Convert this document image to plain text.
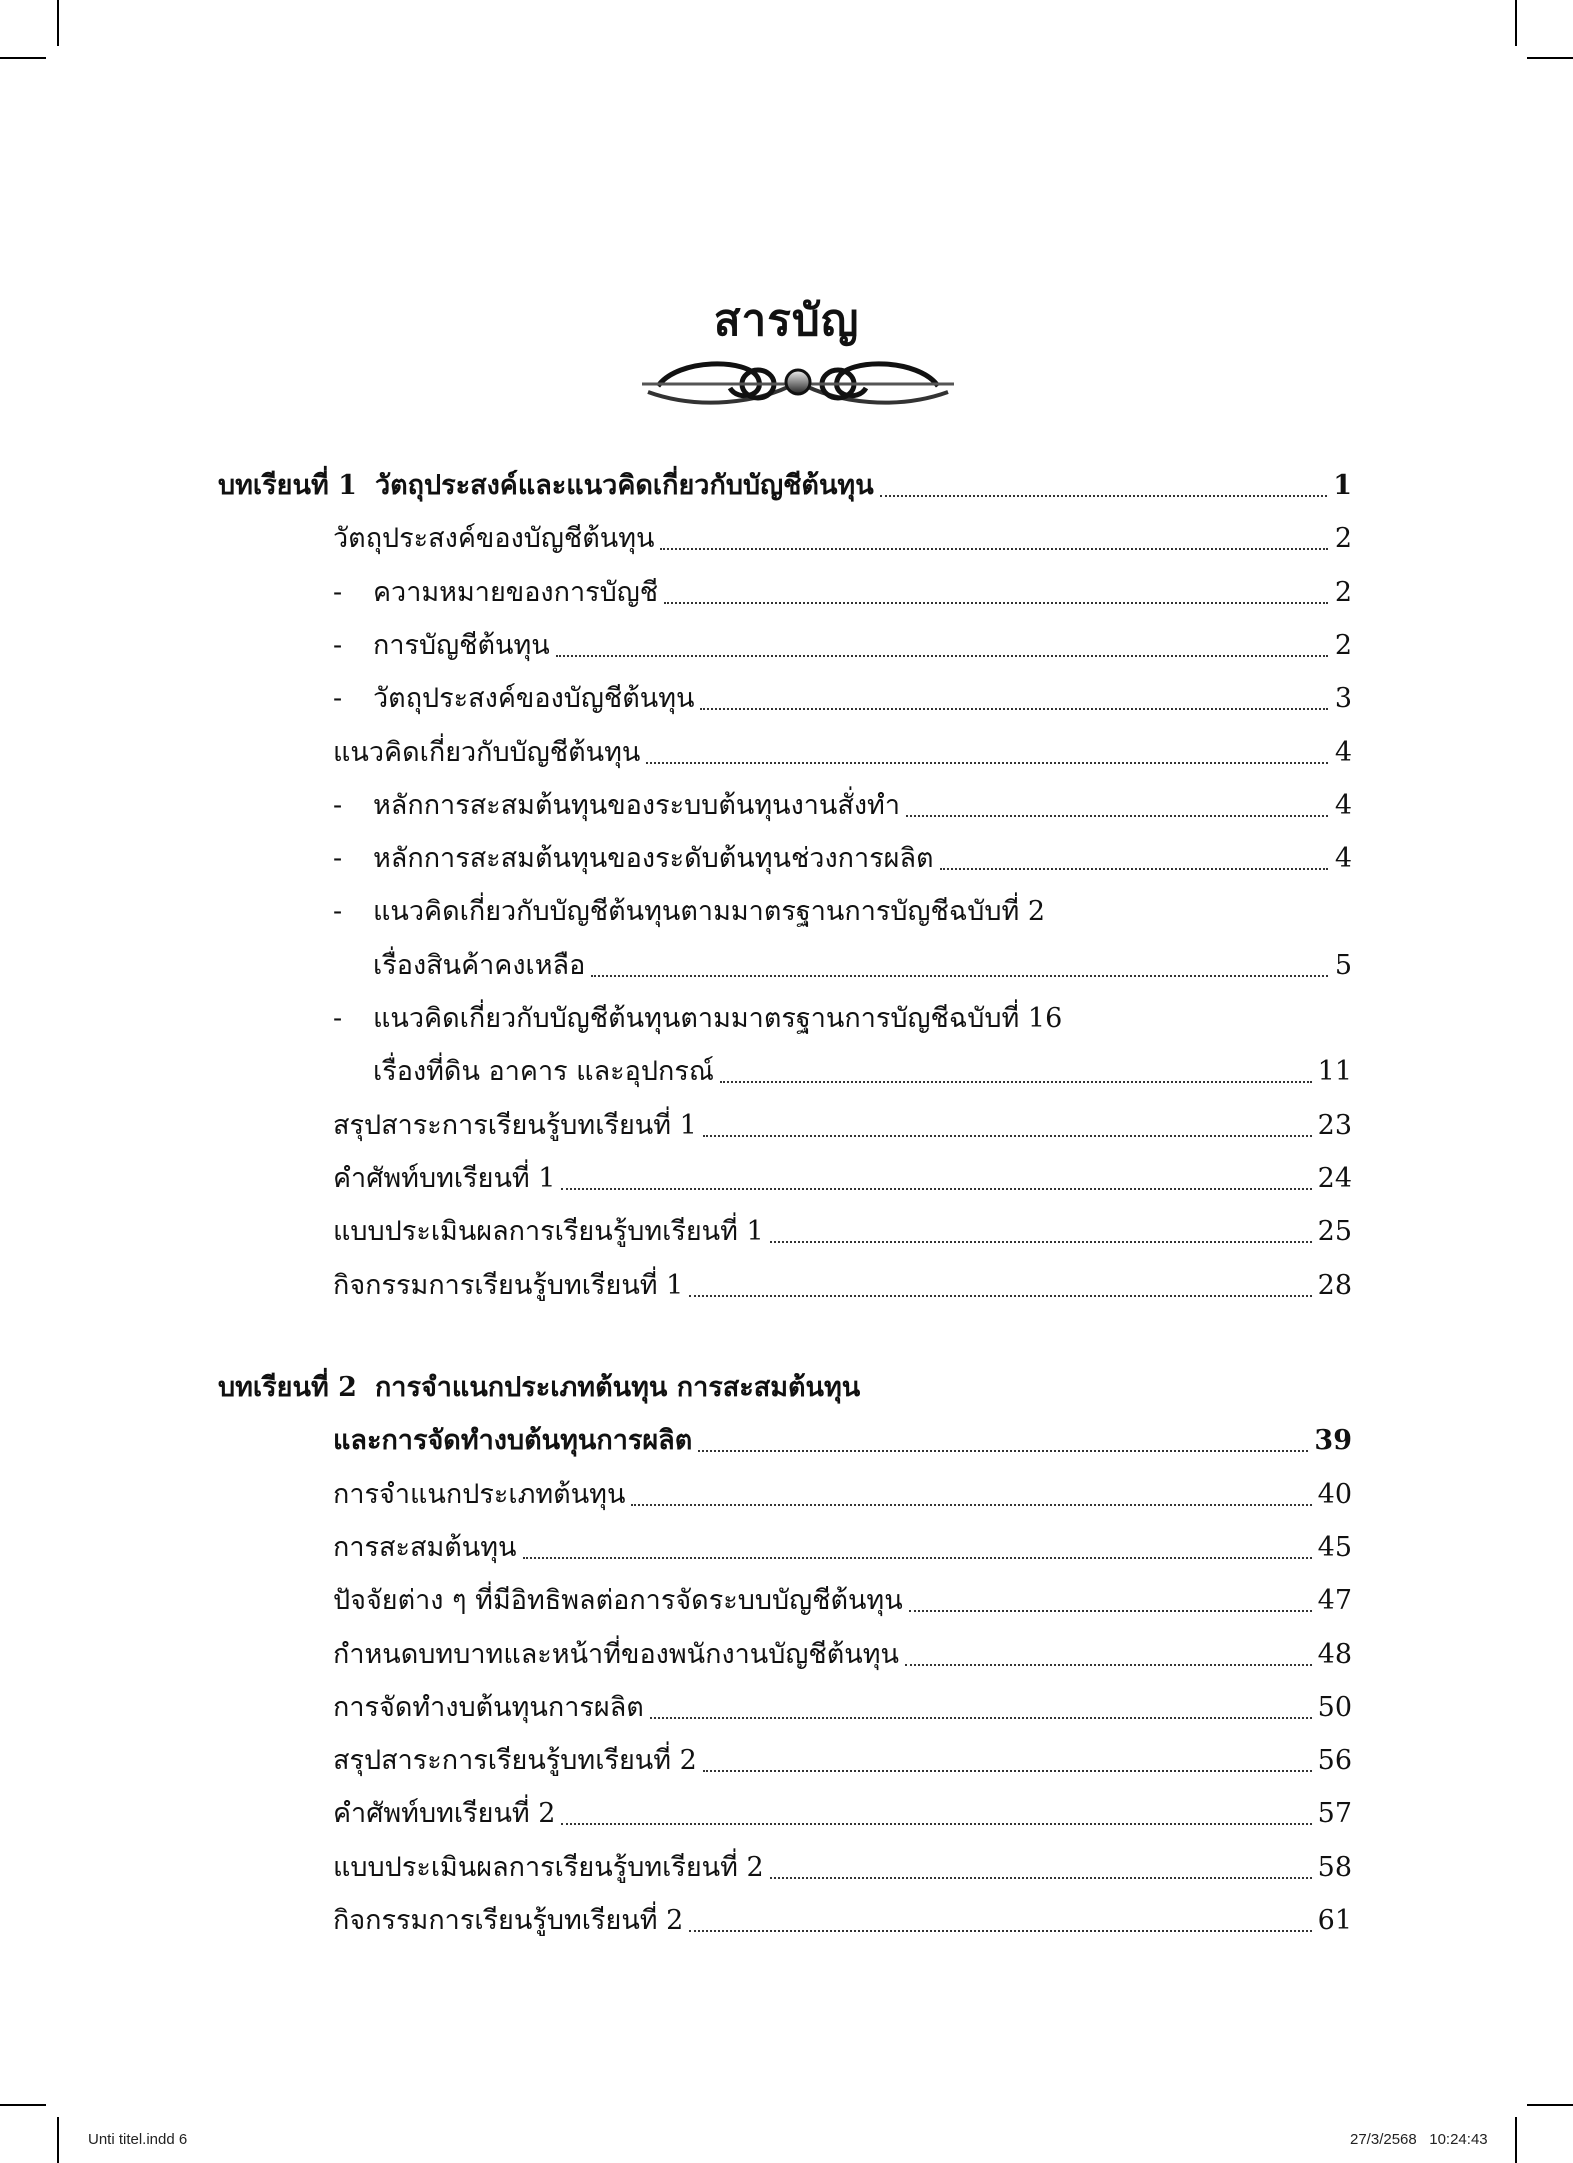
สารบัญ
บทเรียนที่ 1 วัตถุประสงค์และแนวคิดเกี่ยวกับบัญชีต้นทุน	1
วัตถุประสงค์ของบัญชีต้นทุน	2
-	ความหมายของการบัญชี	2
-	การบัญชีต้นทุน	2
-	วัตถุประสงค์ของบัญชีต้นทุน	3
แนวคิดเกี่ยวกับบัญชีต้นทุน	4
-	หลักการสะสมต้นทุนของระบบต้นทุนงานสั่งทำ	4
-	หลักการสะสมต้นทุนของระดับต้นทุนช่วงการผลิต	4
- แนวคิดเกี่ยวกับบัญชีต้นทุนตามมาตรฐานการบัญชีฉบับที่ 2
เรื่องสินค้าคงเหลือ	5
- แนวคิดเกี่ยวกับบัญชีต้นทุนตามมาตรฐานการบัญชีฉบับที่ 16
เรื่องที่ดิน อาคาร และอุปกรณ์	11
สรุปสาระการเรียนรู้บทเรียนที่ 1	23
คำศัพท์บทเรียนที่ 1	24
แบบประเมินผลการเรียนรู้บทเรียนที่ 1	25
กิจกรรมการเรียนรู้บทเรียนที่ 1	28
บทเรียนที่ 2 การจำแนกประเภทต้นทุน การสะสมต้นทุน
และการจัดทำงบต้นทุนการผลิต	39
การจำแนกประเภทต้นทุน	40
การสะสมต้นทุน	45
ปัจจัยต่าง ๆ ที่มีอิทธิพลต่อการจัดระบบบัญชีต้นทุน	47
กำหนดบทบาทและหน้าที่ของพนักงานบัญชีต้นทุน	48
การจัดทำงบต้นทุนการผลิต	50
สรุปสาระการเรียนรู้บทเรียนที่ 2	56
คำศัพท์บทเรียนที่ 2	57
แบบประเมินผลการเรียนรู้บทเรียนที่ 2	58
กิจกรรมการเรียนรู้บทเรียนที่ 2	61
Unti titel.indd 6	27/3/2568   10:24:43
